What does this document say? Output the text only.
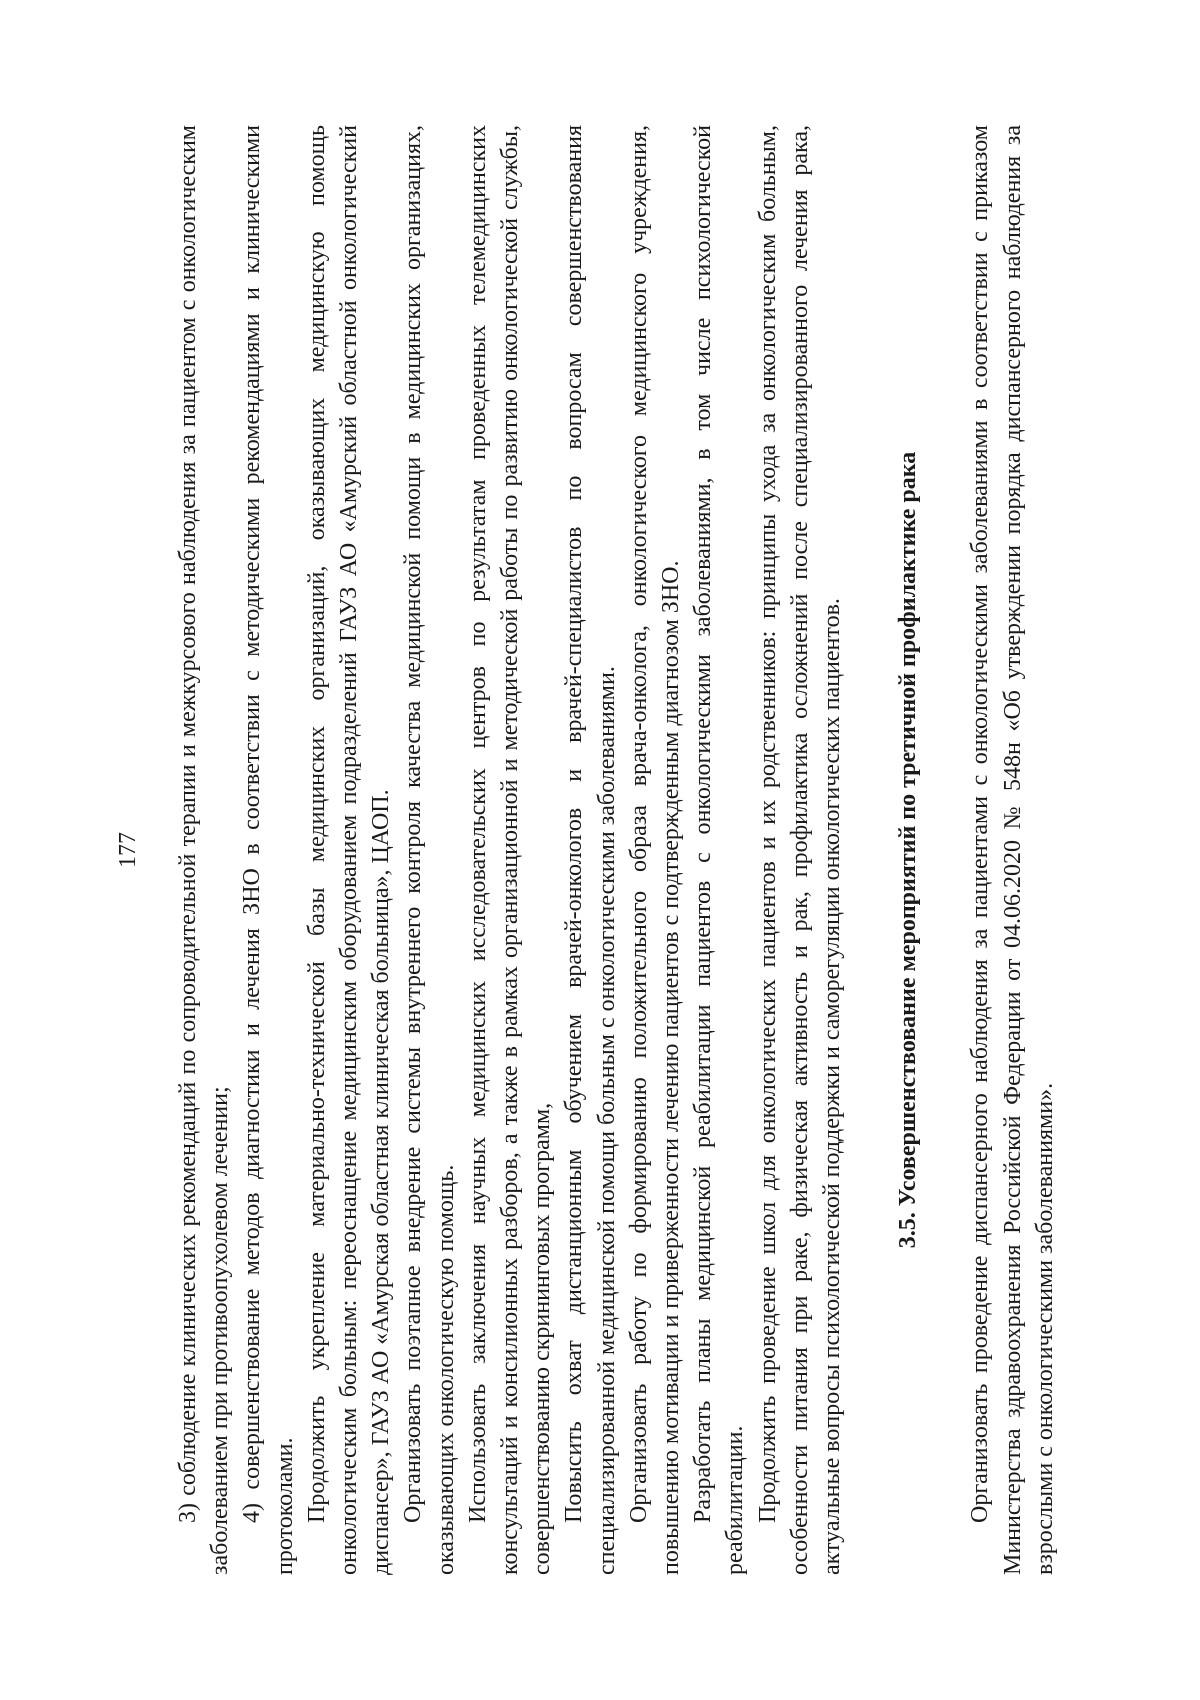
177 3) соблюдение клинических рекомендаций по сопроводительной терапии и межкурсового наблюдения за пациентом с онкологическим заболеванием при противоопухолевом лечении; 4) совершенствование методов диагностики и лечения ЗНО в соответствии с методическими рекомендациями и клиническими протоколами. Продолжить укрепление материально-технической базы медицинских организаций, оказывающих медицинскую помощь онкологическим больным: переоснащение медицинским оборудованием подразделений ГАУЗ АО «Амурский областной онкологический диспансер», ГАУЗ АО «Амурская областная клиническая больница», ЦАОП. Организовать поэтапное внедрение системы внутреннего контроля качества медицинской помощи в медицинских организациях, оказывающих онкологическую помощь. Использовать заключения научных медицинских исследовательских центров по результатам проведенных телемедицинских консультаций и консилионных разборов, а также в рамках организационной и методической работы по развитию онкологической службы, совершенствованию скрининговых программ, Повысить охват дистанционным обучением врачей-онкологов и врачей-специалистов по вопросам совершенствования специализированной медицинской помощи больным с онкологическими заболеваниями. Организовать работу по формированию положительного образа врача-онколога, онкологического медицинского учреждения, повышению мотивации и приверженности лечению пациентов с подтвержденным диагнозом ЗНО. Разработать планы медицинской реабилитации пациентов с онкологическими заболеваниями, в том числе психологической реабилитации. Продолжить проведение школ для онкологических пациентов и их родственников: принципы ухода за онкологическим больным, особенности питания при раке, физическая активность и рак, профилактика осложнений после специализированного лечения рака, актуальные вопросы психологической поддержки и саморегуляции онкологических пациентов. 3.5. Усовершенствование мероприятий по третичной профилактике рака Организовать проведение диспансерного наблюдения за пациентами с онкологическими заболеваниями в соответствии с приказом Министерства здравоохранения Российской Федерации от 04.06.2020 № 548н «Об утверждении порядка диспансерного наблюдения за взрослыми с онкологическими заболеваниями».
